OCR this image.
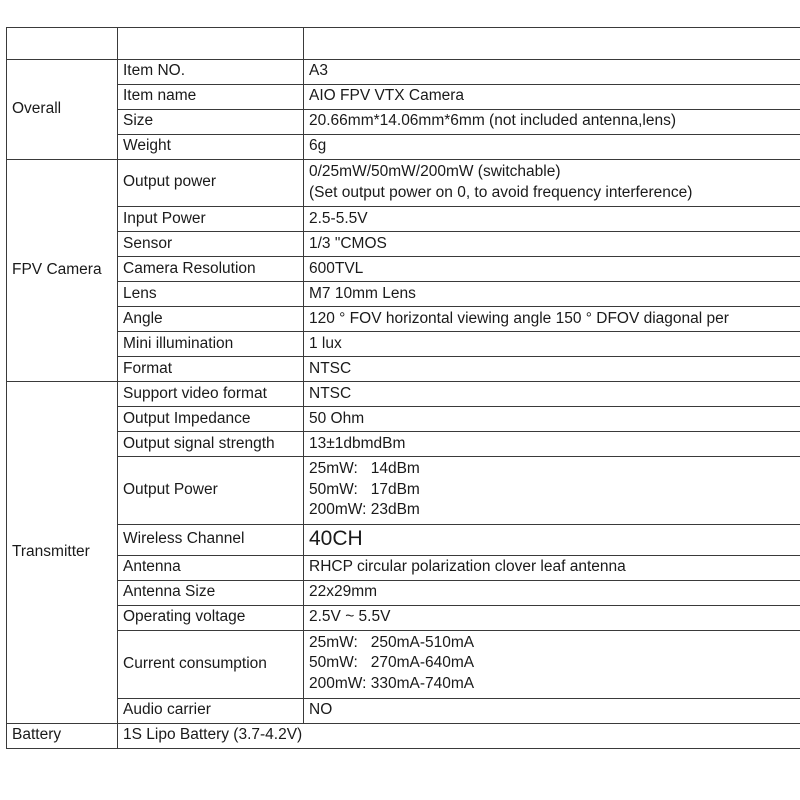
Overall	Item NO.	A3
	Item name	AIO FPV VTX Camera
	Size	20.66mm*14.06mm*6mm (not included antenna,lens)
	Weight	6g
FPV Camera	Output power	0/25mW/50mW/200mW (switchable)
(Set output power on 0, to avoid frequency interference)

	Input Power	2.5-5.5V
	Sensor	1/3 "CMOS
	Camera Resolution	600TVL
	Lens	M7 10mm Lens
	Angle	120 ° FOV horizontal viewing angle 150 ° DFOV diagonal per
	Mini illumination	1 lux
	Format	NTSC
Transmitter	Support video format	NTSC
	Output Impedance	50 Ohm
	Output signal strength	13±1dbmdBm
	Output Power	25mW:   14dBm
50mW:   17dBm
200mW: 23dBm

	Wireless Channel	40CH
	Antenna	RHCP circular polarization clover leaf antenna
	Antenna Size	22x29mm
	Operating voltage	2.5V ~ 5.5V
	Current consumption	25mW:   250mA-510mA
50mW:   270mA-640mA
200mW: 330mA-740mA

	Audio carrier	NO
Battery	1S Lipo Battery (3.7-4.2V)	
